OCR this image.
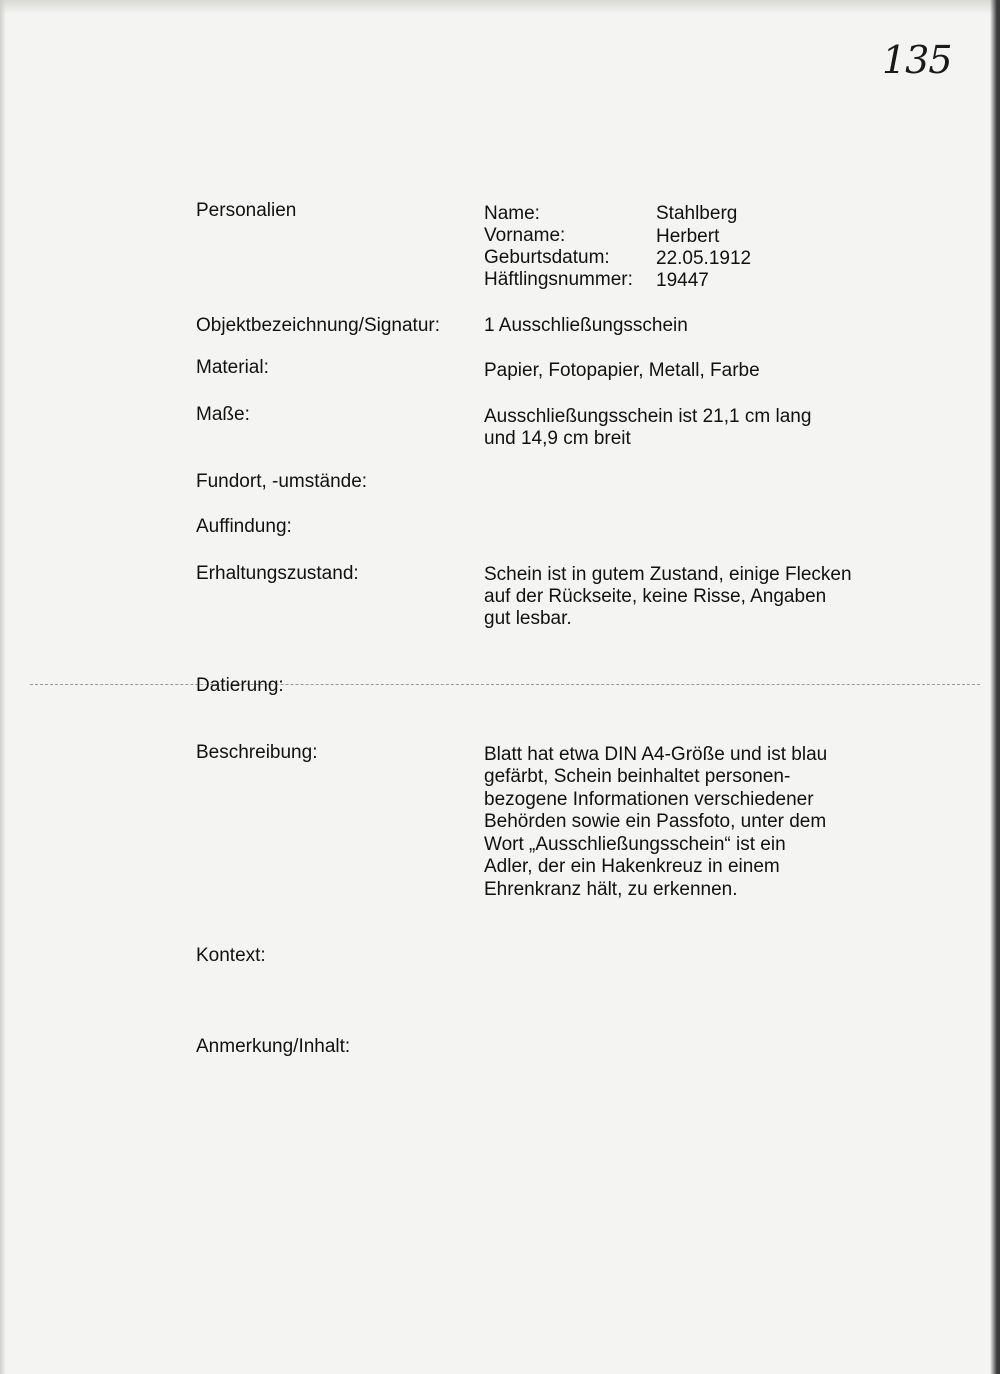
135
Personalien	Name:	Stahlberg
Vorname:	Herbert
Geburtsdatum: 22.05.1912
Häftlingsnummer: 19447
Objektbezeichnung/Signatur: 1 Ausschließungsschein
Material:	Papier, Fotopapier, Metall, Farbe
Maße:	Ausschließungsschein ist 21,1 cm lang
und 14,9 cm breit
Fundort, -umstände:
Auffindung:
Erhaltungszustand:	Schein ist in gutem Zustand, einige Flecken
auf der Rückseite, keine Risse, Angaben
gut lesbar.
Datierung:
Beschreibung:	Blatt hat etwa DIN A4-Größe und ist blau
gefärbt, Schein beinhaltet personen-
bezogene Informationen verschiedener
Behörden sowie ein Passfoto, unter dem
Wort „Ausschließungsschein“ ist ein
Adler, der ein Hakenkreuz in einem
Ehrenkranz hält, zu erkennen.
Kontext:
Anmerkung/Inhalt:
